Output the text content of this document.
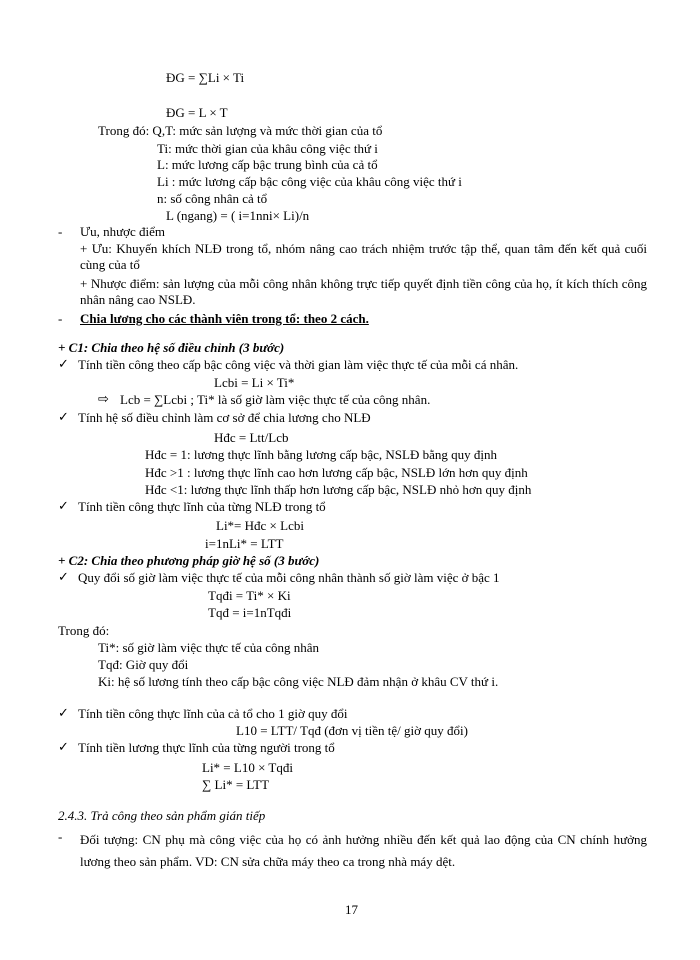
ĐG = ∑Li × Ti
ĐG = L × T
Trong đó: Q,T: mức sản lượng và mức thời gian của tổ
Ti: mức thời gian của khâu công việc thứ i
L: mức lương cấp bậc trung bình của cả tổ
Li : mức lương cấp bậc công việc của khâu công việc thứ i
n: số công nhân cả tổ
L (ngang) = ( i=1nni× Li)/n
- Ưu, nhược điểm
+ Ưu: Khuyến khích NLĐ trong tổ, nhóm nâng cao trách nhiệm trước tập thể, quan tâm đến kết quả cuối cùng của tổ
+ Nhược điểm: sản lượng của mỗi công nhân không trực tiếp quyết định tiền công của họ, ít kích thích công nhân nâng cao NSLĐ.
- Chia lương cho các thành viên trong tổ: theo 2 cách.
+ C1: Chia theo hệ số điều chỉnh (3 bước)
✓ Tính tiền công theo cấp bậc công việc và thời gian làm việc thực tế của mỗi cá nhân.
Lcbi = Li × Ti*
⇨ Lcb = ∑Lcbi ; Ti* là số giờ làm việc thực tế của công nhân.
✓ Tính hệ số điều chỉnh làm cơ sở để chia lương cho NLĐ
Hđc = Ltt/Lcb
Hđc = 1: lương thực lĩnh bằng lương cấp bậc, NSLĐ bằng quy định
Hđc >1 : lương thực lĩnh cao hơn lương cấp bậc, NSLĐ lớn hơn quy định
Hđc <1: lương thực lĩnh thấp hơn lương cấp bậc, NSLĐ nhỏ hơn quy định
✓ Tính tiền công thực lĩnh của từng NLĐ trong tổ
Li*= Hđc × Lcbi
i=1nLi* = LTT
+ C2: Chia theo phương pháp giờ hệ số (3 bước)
✓ Quy đổi số giờ làm việc thực tế của mỗi công nhân thành số giờ làm việc ở bậc 1
Tqđi = Ti* × Ki
Tqđ = i=1nTqđi
Trong đó:
Ti*: số giờ làm việc thực tế của công nhân
Tqđ: Giờ quy đổi
Ki: hệ số lương tính theo cấp bậc công việc NLĐ đảm nhận ở khâu CV thứ i.
✓ Tính tiền công thực lĩnh của cả tổ cho 1 giờ quy đổi
L10 = LTT/ Tqđ (đơn vị tiền tệ/ giờ quy đổi)
✓ Tính tiền lương thực lĩnh của từng người trong tổ
Li* = L10 × Tqđi
∑ Li* = LTT
2.4.3. Trả công theo sản phẩm gián tiếp
- Đối tượng: CN phụ mà công việc của họ có ảnh hưởng nhiều đến kết quả lao động của CN chính hưởng lương theo sản phẩm. VD: CN sửa chữa máy theo ca trong nhà máy dệt.
17
